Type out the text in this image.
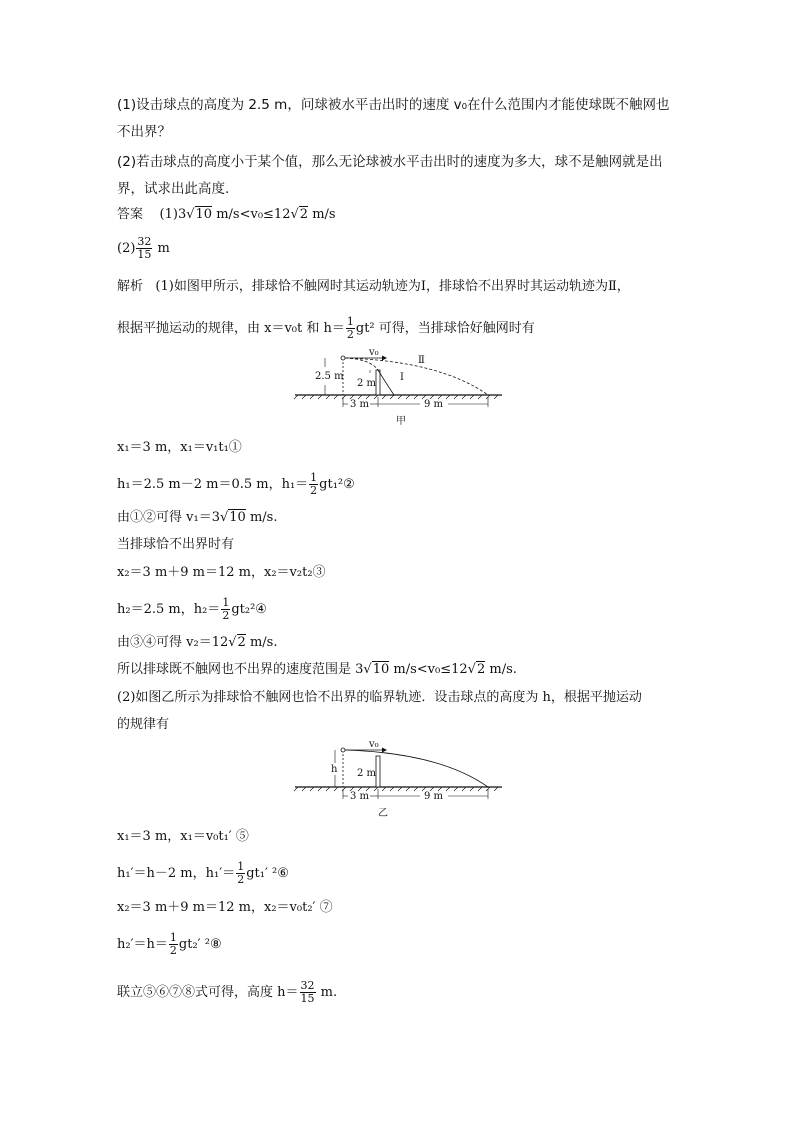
(1)设击球点的高度为 2.5 m，问球被水平击出时的速度 v₀在什么范围内才能使球既不触网也
不出界？
(2)若击球点的高度小于某个值，那么无论球被水平击出时的速度为多大，球不是触网就是出
界，试求出此高度.
答案 (1)3√10 m/s<v₀≤12√2 m/s
$(2) \frac{32}{15}$ m
解析 (1)如图甲所示，排球恰不触网时其运动轨迹为Ⅰ，排球恰不出界时其运动轨迹为Ⅱ，
根据平抛运动的规律，由 x＝v₀t 和 $h= \frac{1}{2} gt^2$ 可得，当排球恰好触网时有
v₀
Ⅰ
Ⅱ
2.5 m
2 m
3 m	9 m
甲
x₁＝3 m，x₁＝v₁t₁①
h₁＝2.5 m－2 m＝0.5 m，$h_1= \frac{1}{2}$ gt₁²②
由①②可得 v₁＝3√10 m/s.
当排球恰不出界时有
x₂＝3 m＋9 m＝12 m，x₂＝v₂t₂③
h₂＝2.5 m，$h_2= \frac{1}{2}$ gt₂²④
由③④可得 v₂＝12√2 m/s.
所以排球既不触网也不出界的速度范围是 3√10 m/s<v₀≤12√2 m/s.
(2)如图乙所示为排球恰不触网也恰不出界的临界轨迹．设击球点的高度为 h，根据平抛运动
的规律有
v₀
h 2 m
3 m	9 m
乙
x₁＝3 m，x₁＝v₀t₁′ ⑤
h₁′＝h－2 m，$h_1'= \frac{1}{2} gt_1'$ ²⑥
x₂＝3 m＋9 m＝12 m，x₂＝v₀t₂′ ⑦
$h_2'=h= \frac{1}{2} gt_2'$ ²⑧
联立⑤⑥⑦⑧式可得，高度 $h= \frac{32}{15} m$.
